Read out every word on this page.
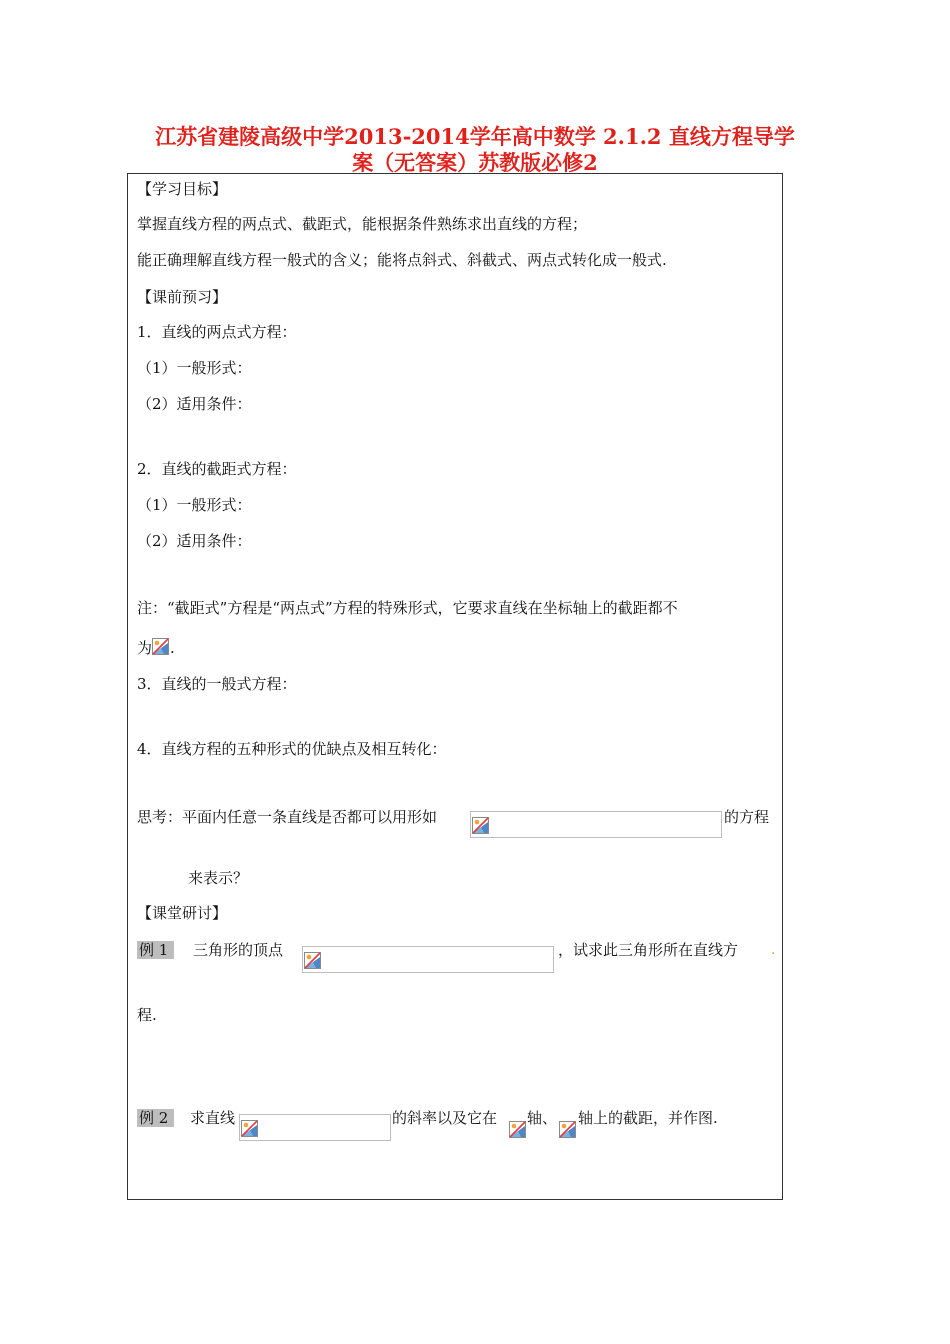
江苏省建陵高级中学2013-2014学年高中数学 2.1.2 直线方程导学
案（无答案）苏教版必修2
【学习目标】
掌握直线方程的两点式、截距式，能根据条件熟练求出直线的方程；
能正确理解直线方程一般式的含义；能将点斜式、斜截式、两点式转化成一般式.
【课前预习】
1．直线的两点式方程：
（1）一般形式：
（2）适用条件：
2．直线的截距式方程：
（1）一般形式：
（2）适用条件：
注：“截距式”方程是“两点式”方程的特殊形式，它要求直线在坐标轴上的截距都不
为 .
3．直线的一般式方程：
4．直线方程的五种形式的优缺点及相互转化：
思考：平面内任意一条直线是否都可以用形如	的方程
来表示？
【课堂研讨】
例 1	三角形的顶点	，试求此三角形所在直线方 .
程.
例 2	求直线	的斜率以及它在 轴、 轴上的截距，并作图.
